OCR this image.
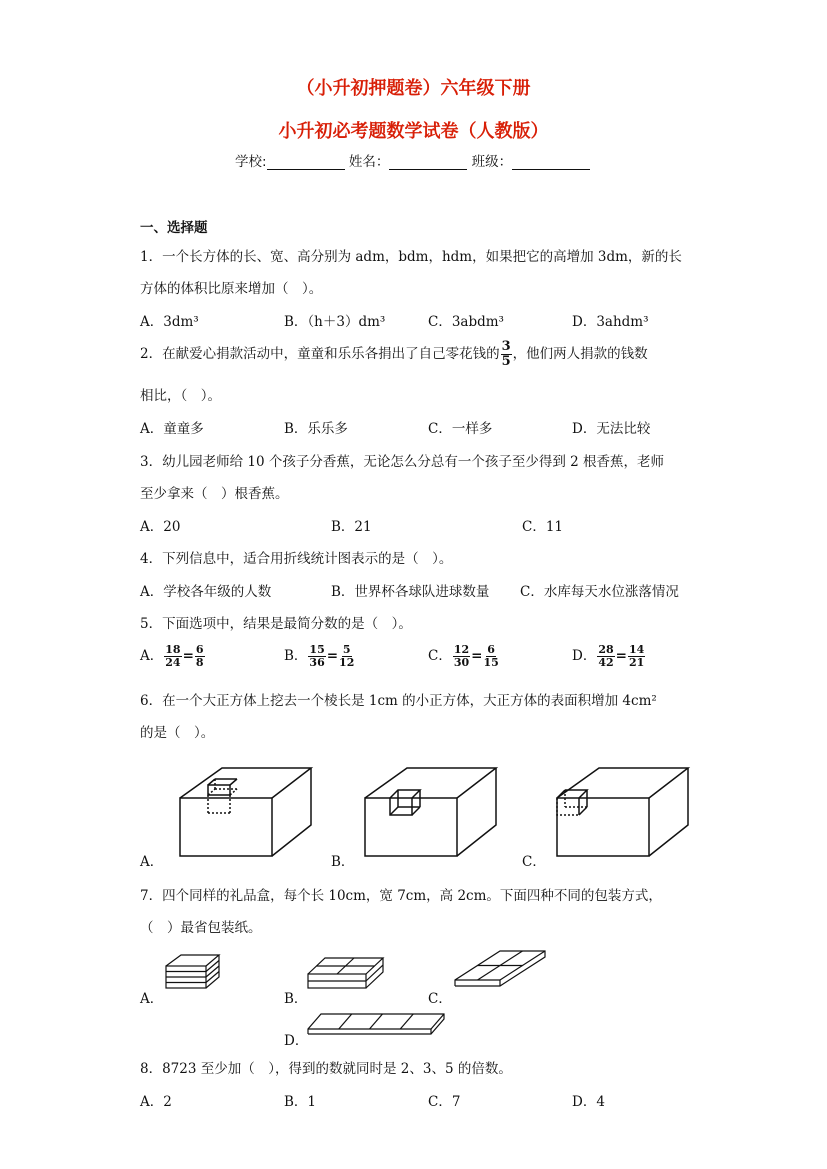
（小升初押题卷）六年级下册
小升初必考题数学试卷（人教版）
学校:	姓名：	班级：
一、选择题
1．一个长方体的长、宽、高分别为 adm，bdm，hdm，如果把它的高增加 3dm，新的长
方体的体积比原来增加（　）。
A．3dm³	B．（h＋3）dm³	C．3abdm³	D．3ahdm³
2．在献爱心捐款活动中，童童和乐乐各捐出了自己零花钱的 $\frac{3}{5}$ ，他们两人捐款的钱数
相比，（　）。
A．童童多	B．乐乐多	C．一样多	D．无法比较
3．幼儿园老师给 10 个孩子分香蕉，无论怎么分总有一个孩子至少得到 2 根香蕉，老师
至少拿来（　）根香蕉。
A．20	B．21	C．11
4．下列信息中，适合用折线统计图表示的是（　）。
A．学校各年级的人数	B．世界杯各球队进球数量 C．水库每天水位涨落情况
5．下面选项中，结果是最简分数的是（　）。
A． $\frac{18}{24} = \frac{6}{8}$	B． $\frac{15}{36} = \frac{5}{12}$	C． $\frac{12}{30} = \frac{6}{15}$	D． $\frac{28}{42} = \frac{14}{21}$
6．在一个大正方体上挖去一个棱长是 1cm 的小正方体，大正方体的表面积增加 4cm²
的是（　）。
A．	B．	C．
7．四个同样的礼品盒，每个长 10cm，宽 7cm，高 2cm。下面四种不同的包装方式，
（　）最省包装纸。
A．	B．	C．
D．
8．8723 至少加（　），得到的数就同时是 2、3、5 的倍数。
A．2	B．1	C．7	D．4
